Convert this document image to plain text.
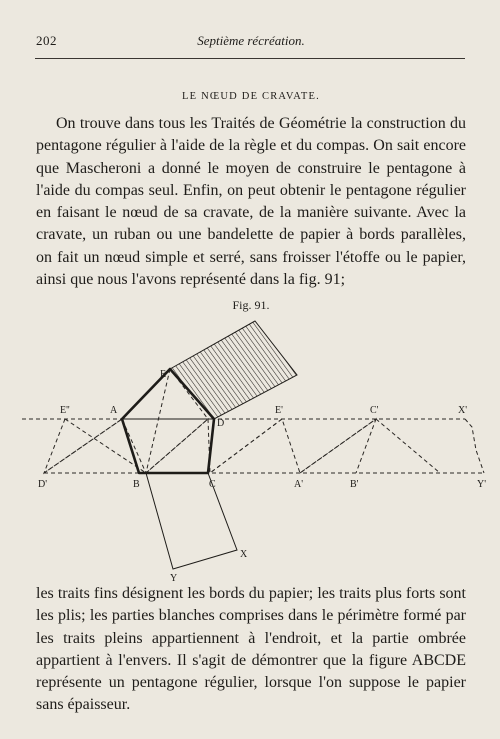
202	Septième récréation.
LE NŒUD DE CRAVATE.

On trouve dans tous les Traités de Géométrie la construction du pentagone régulier à l'aide de la règle et du compas. On sait encore que Mascheroni a donné le moyen de construire le pentagone à l'aide du compas seul. Enfin, on peut obtenir le pentagone régulier en faisant le nœud de sa cravate, de la manière suivante. Avec la cravate, un ruban ou une bandelette de papier à bords parallèles, on fait un nœud simple et serré, sans froisser l'étoffe ou le papier, ainsi que nous l'avons représenté dans la fig. 91;

Fig. 91.
E
E''	A
D
E'	C'	X'
D'	B	C	A'	B'	Y'
X
Y

les traits fins désignent les bords du papier; les traits plus forts sont les plis; les parties blanches comprises dans le périmètre formé par les traits pleins appartiennent à l'endroit, et la partie ombrée appartient à l'envers. Il s'agit de démontrer que la figure ABCDE représente un pentagone régulier, lorsque l'on suppose le papier sans épaisseur.
